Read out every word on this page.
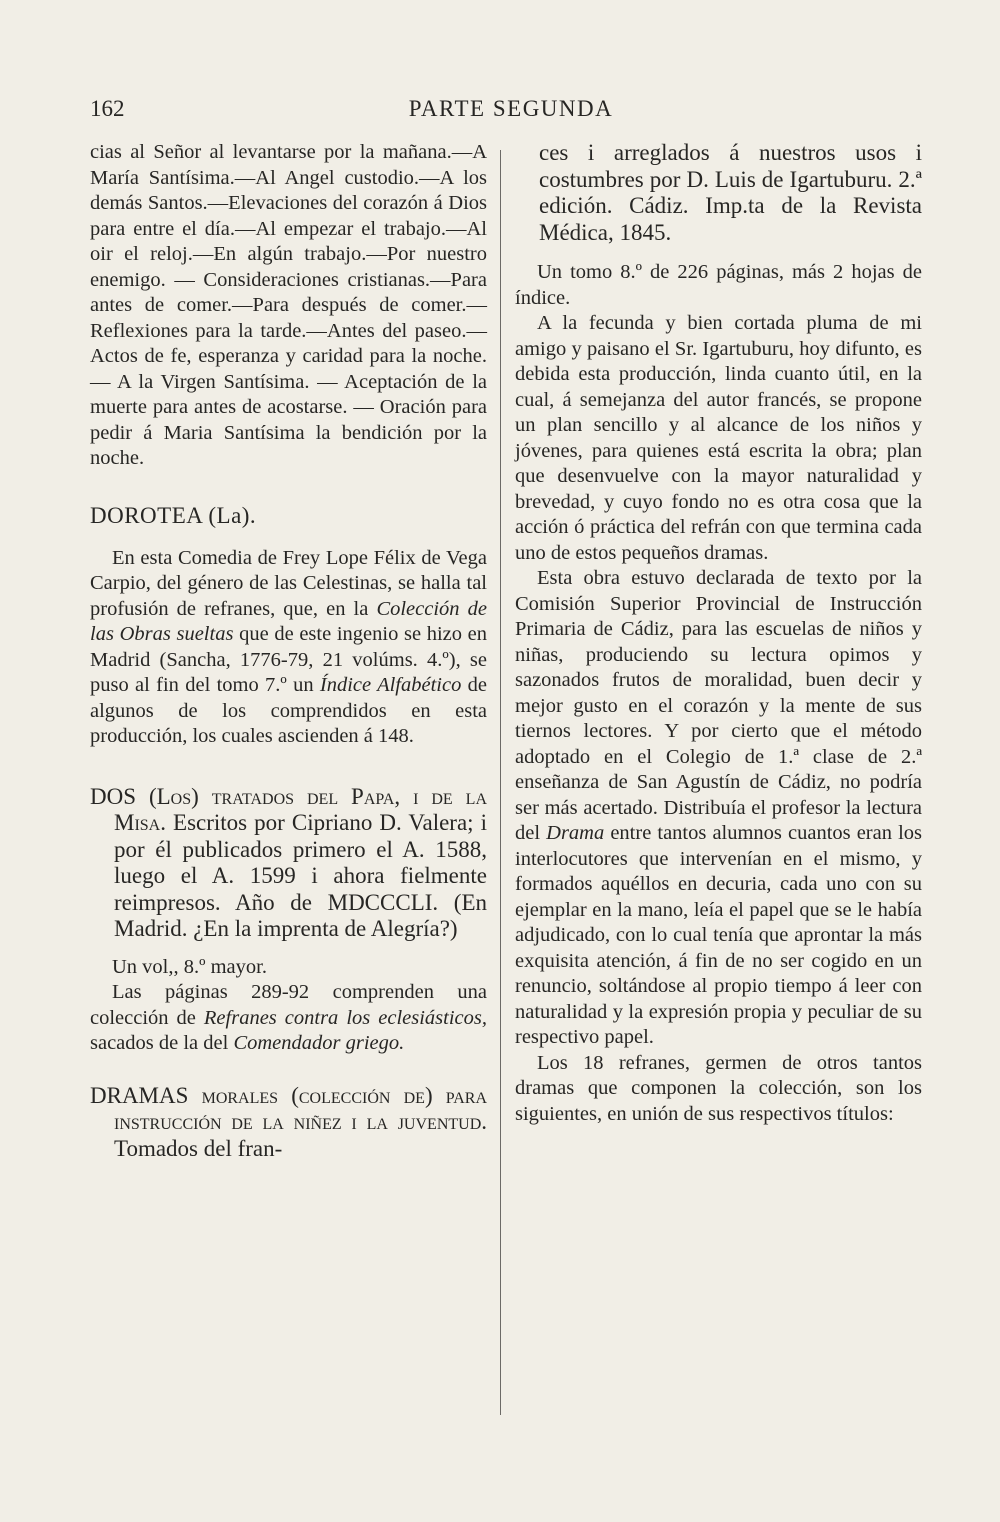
162	PARTE SEGUNDA

cias al Señor al levantarse por la mañana.—A María Santísima.—Al Angel custodio.—A los demás Santos.—Elevaciones del corazón á Dios para entre el día.—Al empezar el trabajo.—Al oir el reloj.—En algún trabajo.—Por nuestro enemigo. — Consideraciones cristianas.—Para antes de comer.—Para después de comer.—Reflexiones para la tarde.—Antes del paseo.—Actos de fe, esperanza y caridad para la noche. — A la Virgen Santísima. — Aceptación de la muerte para antes de acostarse. — Oración para pedir á Maria Santísima la bendición por la noche.

DOROTEA (La).

En esta Comedia de Frey Lope Félix de Vega Carpio, del género de las Celestinas, se halla tal profusión de refranes, que, en la Colección de las Obras sueltas que de este ingenio se hizo en Madrid (Sancha, 1776-79, 21 volúms. 4.º), se puso al fin del tomo 7.º un Índice Alfabético de algunos de los comprendidos en esta producción, los cuales ascienden á 148.

DOS (Los) tratados del Papa, i de la Misa. Escritos por Cipriano D. Valera; i por él publicados primero el A. 1588, luego el A. 1599 i ahora fielmente reimpresos. Año de MDCCCLI. (En Madrid. ¿En la imprenta de Alegría?)

Un vol,, 8.º mayor.

Las páginas 289-92 comprenden una colección de Refranes contra los eclesiásticos, sacados de la del Comendador griego.

DRAMAS morales (colección de) para instrucción de la niñez i la juventud. Tomados del fran-

ces i arreglados á nuestros usos i costumbres por D. Luis de Igartuburu. 2.ª edición. Cádiz. Imp.ta de la Revista Médica, 1845.

Un tomo 8.º de 226 páginas, más 2 hojas de índice.

A la fecunda y bien cortada pluma de mi amigo y paisano el Sr. Igartuburu, hoy difunto, es debida esta producción, linda cuanto útil, en la cual, á semejanza del autor francés, se propone un plan sencillo y al alcance de los niños y jóvenes, para quienes está escrita la obra; plan que desenvuelve con la mayor naturalidad y brevedad, y cuyo fondo no es otra cosa que la acción ó práctica del refrán con que termina cada uno de estos pequeños dramas.

Esta obra estuvo declarada de texto por la Comisión Superior Provincial de Instrucción Primaria de Cádiz, para las escuelas de niños y niñas, produciendo su lectura opimos y sazonados frutos de moralidad, buen decir y mejor gusto en el corazón y la mente de sus tiernos lectores. Y por cierto que el método adoptado en el Colegio de 1.ª clase de 2.ª enseñanza de San Agustín de Cádiz, no podría ser más acertado. Distribuía el profesor la lectura del Drama entre tantos alumnos cuantos eran los interlocutores que intervenían en el mismo, y formados aquéllos en decuria, cada uno con su ejemplar en la mano, leía el papel que se le había adjudicado, con lo cual tenía que aprontar la más exquisita atención, á fin de no ser cogido en un renuncio, soltándose al propio tiempo á leer con naturalidad y la expresión propia y peculiar de su respectivo papel.

Los 18 refranes, germen de otros tantos dramas que componen la colección, son los siguientes, en unión de sus respectivos títulos:
